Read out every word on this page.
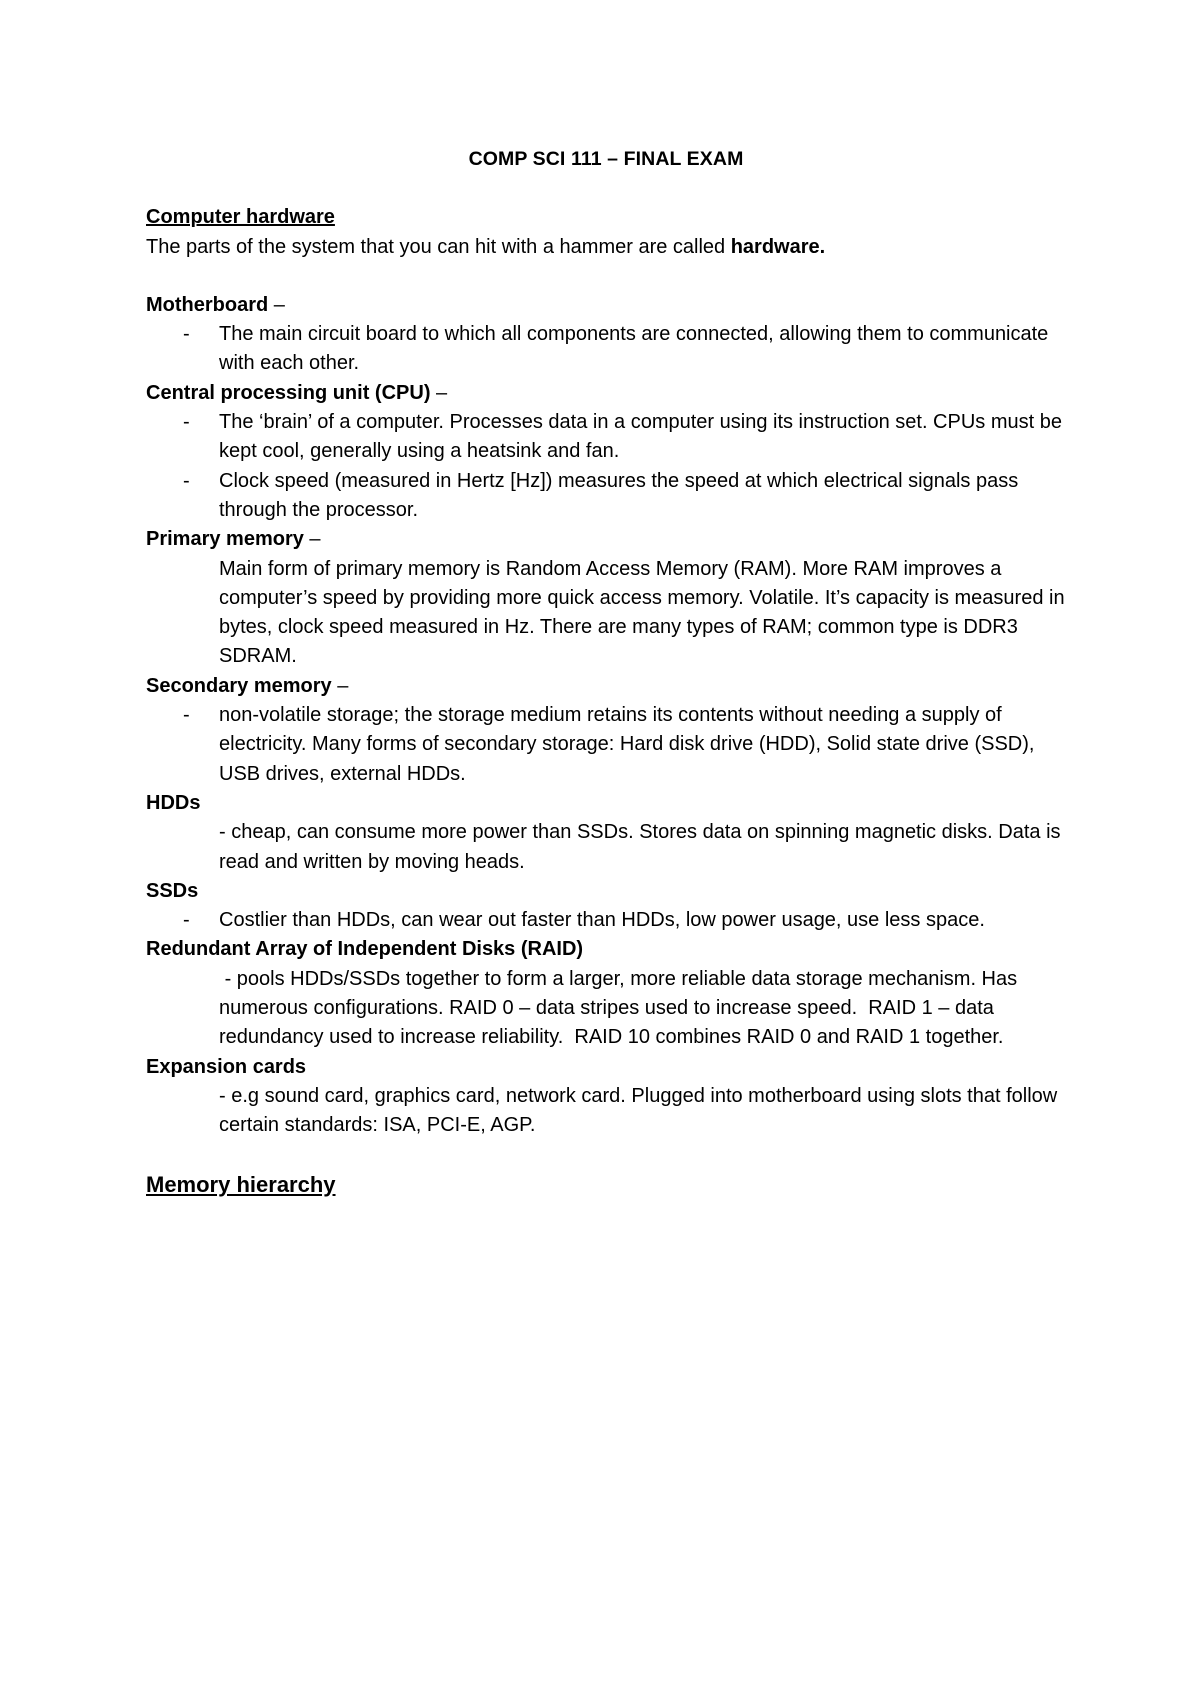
COMP SCI 111 – FINAL EXAM

Computer hardware

The parts of the system that you can hit with a hammer are called hardware.

Motherboard –

- The main circuit board to which all components are connected, allowing them to communicate with each other.

Central processing unit (CPU) –

- The ‘brain’ of a computer. Processes data in a computer using its instruction set. CPUs must be kept cool, generally using a heatsink and fan.

- Clock speed (measured in Hertz [Hz]) measures the speed at which electrical signals pass through the processor.

Primary memory –

Main form of primary memory is Random Access Memory (RAM). More RAM improves a computer’s speed by providing more quick access memory. Volatile. It’s capacity is measured in bytes, clock speed measured in Hz. There are many types of RAM; common type is DDR3 SDRAM.

Secondary memory –

- non-volatile storage; the storage medium retains its contents without needing a supply of electricity. Many forms of secondary storage: Hard disk drive (HDD), Solid state drive (SSD), USB drives, external HDDs.

HDDs

- cheap, can consume more power than SSDs. Stores data on spinning magnetic disks. Data is read and written by moving heads.

SSDs

- Costlier than HDDs, can wear out faster than HDDs, low power usage, use less space.

Redundant Array of Independent Disks (RAID)

- pools HDDs/SSDs together to form a larger, more reliable data storage mechanism. Has numerous configurations. RAID 0 – data stripes used to increase speed.  RAID 1 – data redundancy used to increase reliability.  RAID 10 combines RAID 0 and RAID 1 together.

Expansion cards

- e.g sound card, graphics card, network card. Plugged into motherboard using slots that follow certain standards: ISA, PCI-E, AGP.

Memory hierarchy
